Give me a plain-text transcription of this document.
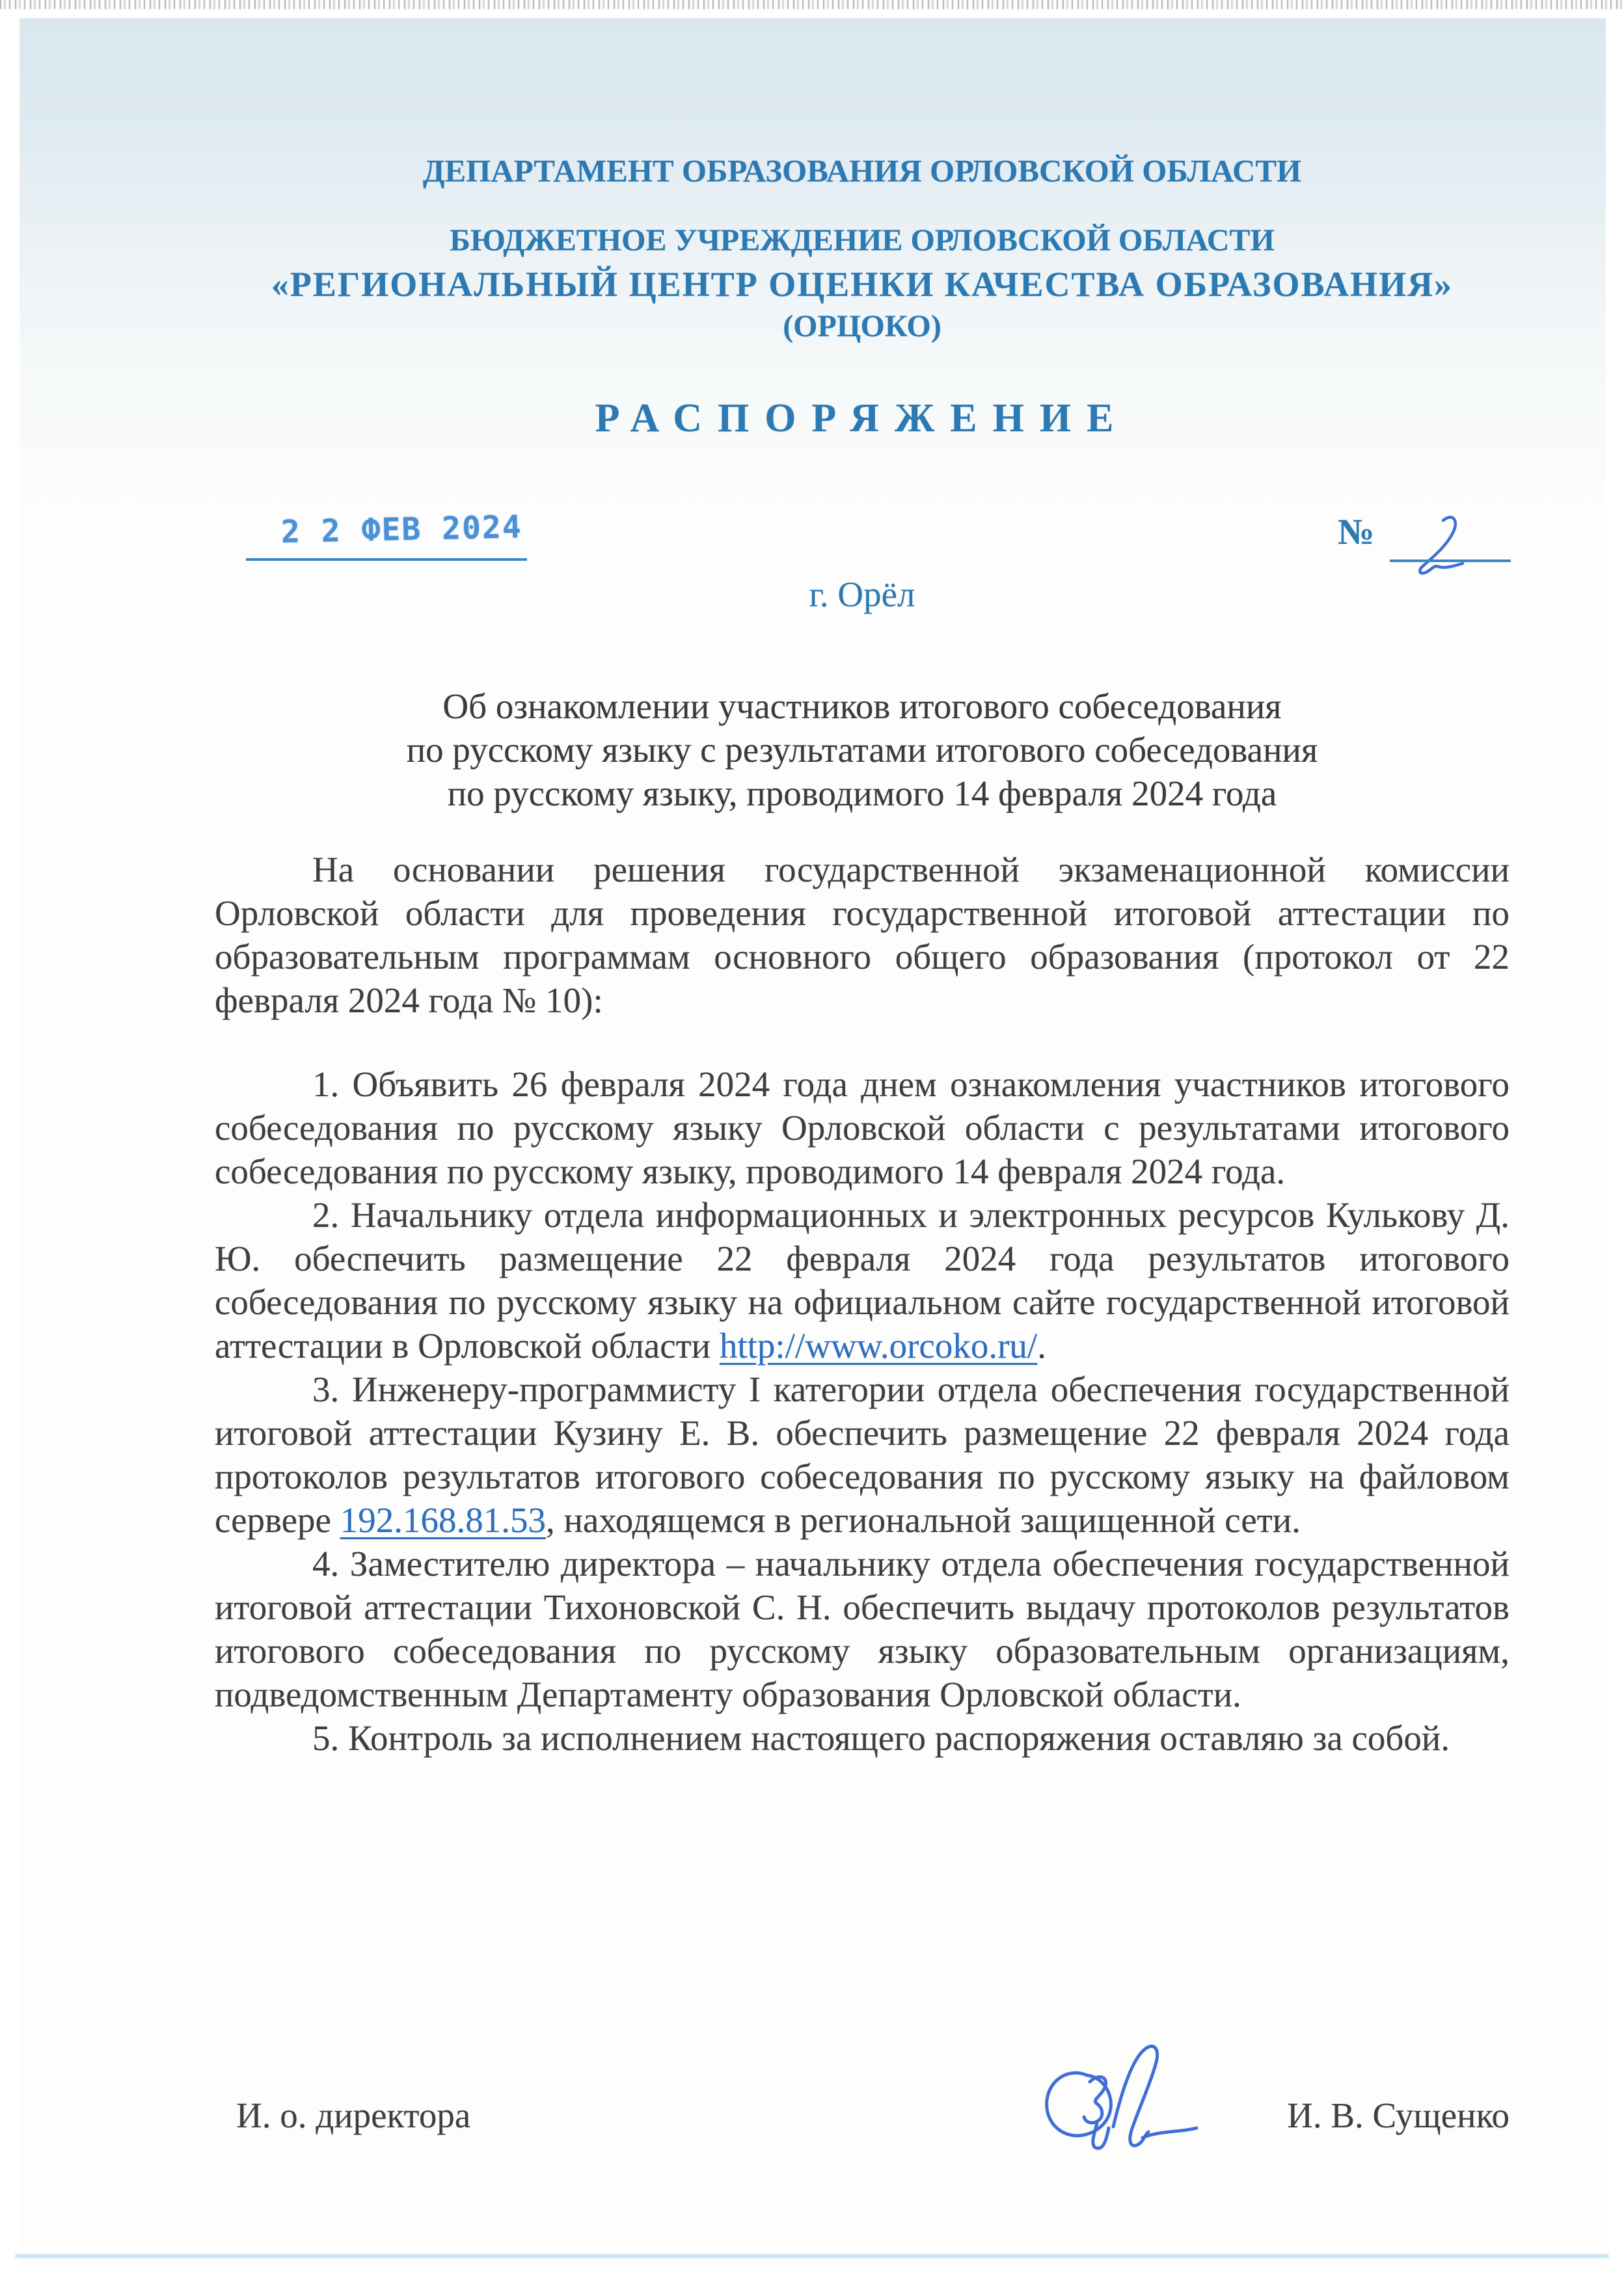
ДЕПАРТАМЕНТ ОБРАЗОВАНИЯ ОРЛОВСКОЙ ОБЛАСТИ
БЮДЖЕТНОЕ УЧРЕЖДЕНИЕ ОРЛОВСКОЙ ОБЛАСТИ
«РЕГИОНАЛЬНЫЙ ЦЕНТР ОЦЕНКИ КАЧЕСТВА ОБРАЗОВАНИЯ»
(ОРЦОКО)
РАСПОРЯЖЕНИЕ
2 2 ФЕВ 2024	№
г. Орёл
Об ознакомлении участников итогового собеседования
по русскому языку с результатами итогового собеседования
по русскому языку, проводимого 14 февраля 2024 года

На основании решения государственной экзаменационной комиссии Орловской области для проведения государственной итоговой аттестации по образовательным программам основного общего образования (протокол от 22 февраля 2024 года № 10):

1. Объявить 26 февраля 2024 года днем ознакомления участников итогового собеседования по русскому языку Орловской области с результатами итогового собеседования по русскому языку, проводимого 14 февраля 2024 года.

2. Начальнику отдела информационных и электронных ресурсов Кулькову Д. Ю. обеспечить размещение 22 февраля 2024 года результатов итогового собеседования по русскому языку на официальном сайте государственной итоговой аттестации в Орловской области http://www.orcoko.ru/.

3. Инженеру-программисту I категории отдела обеспечения государственной итоговой аттестации Кузину Е. В. обеспечить размещение 22 февраля 2024 года протоколов результатов итогового собеседования по русскому языку на файловом сервере 192.168.81.53, находящемся в региональной защищенной сети.

4. Заместителю директора – начальнику отдела обеспечения государственной итоговой аттестации Тихоновской С. Н. обеспечить выдачу протоколов результатов итогового собеседования по русскому языку образовательным организациям, подведомственным Департаменту образования Орловской области.

5. Контроль за исполнением настоящего распоряжения оставляю за собой.

И. о. директора	И. В. Сущенко
